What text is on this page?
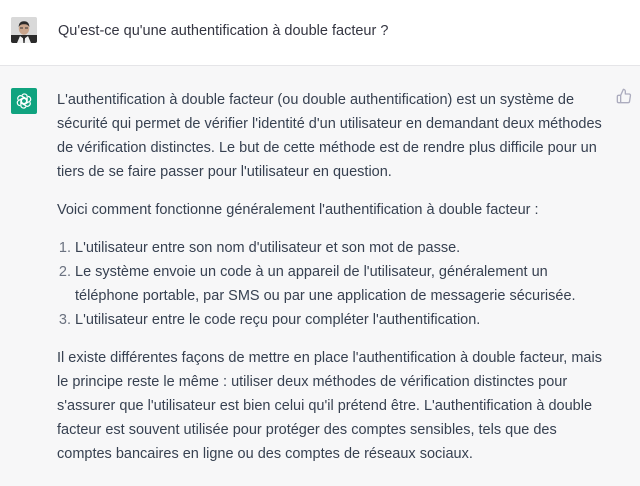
Qu'est-ce qu'une authentification à double facteur ?

L'authentification à double facteur (ou double authentification) est un système de sécurité qui permet de vérifier l'identité d'un utilisateur en demandant deux méthodes de vérification distinctes. Le but de cette méthode est de rendre plus difficile pour un tiers de se faire passer pour l'utilisateur en question.

Voici comment fonctionne généralement l'authentification à double facteur :

1. L'utilisateur entre son nom d'utilisateur et son mot de passe.
2. Le système envoie un code à un appareil de l'utilisateur, généralement un téléphone portable, par SMS ou par une application de messagerie sécurisée.
3. L'utilisateur entre le code reçu pour compléter l'authentification.

Il existe différentes façons de mettre en place l'authentification à double facteur, mais le principe reste le même : utiliser deux méthodes de vérification distinctes pour s'assurer que l'utilisateur est bien celui qu'il prétend être. L'authentification à double facteur est souvent utilisée pour protéger des comptes sensibles, tels que des comptes bancaires en ligne ou des comptes de réseaux sociaux.
